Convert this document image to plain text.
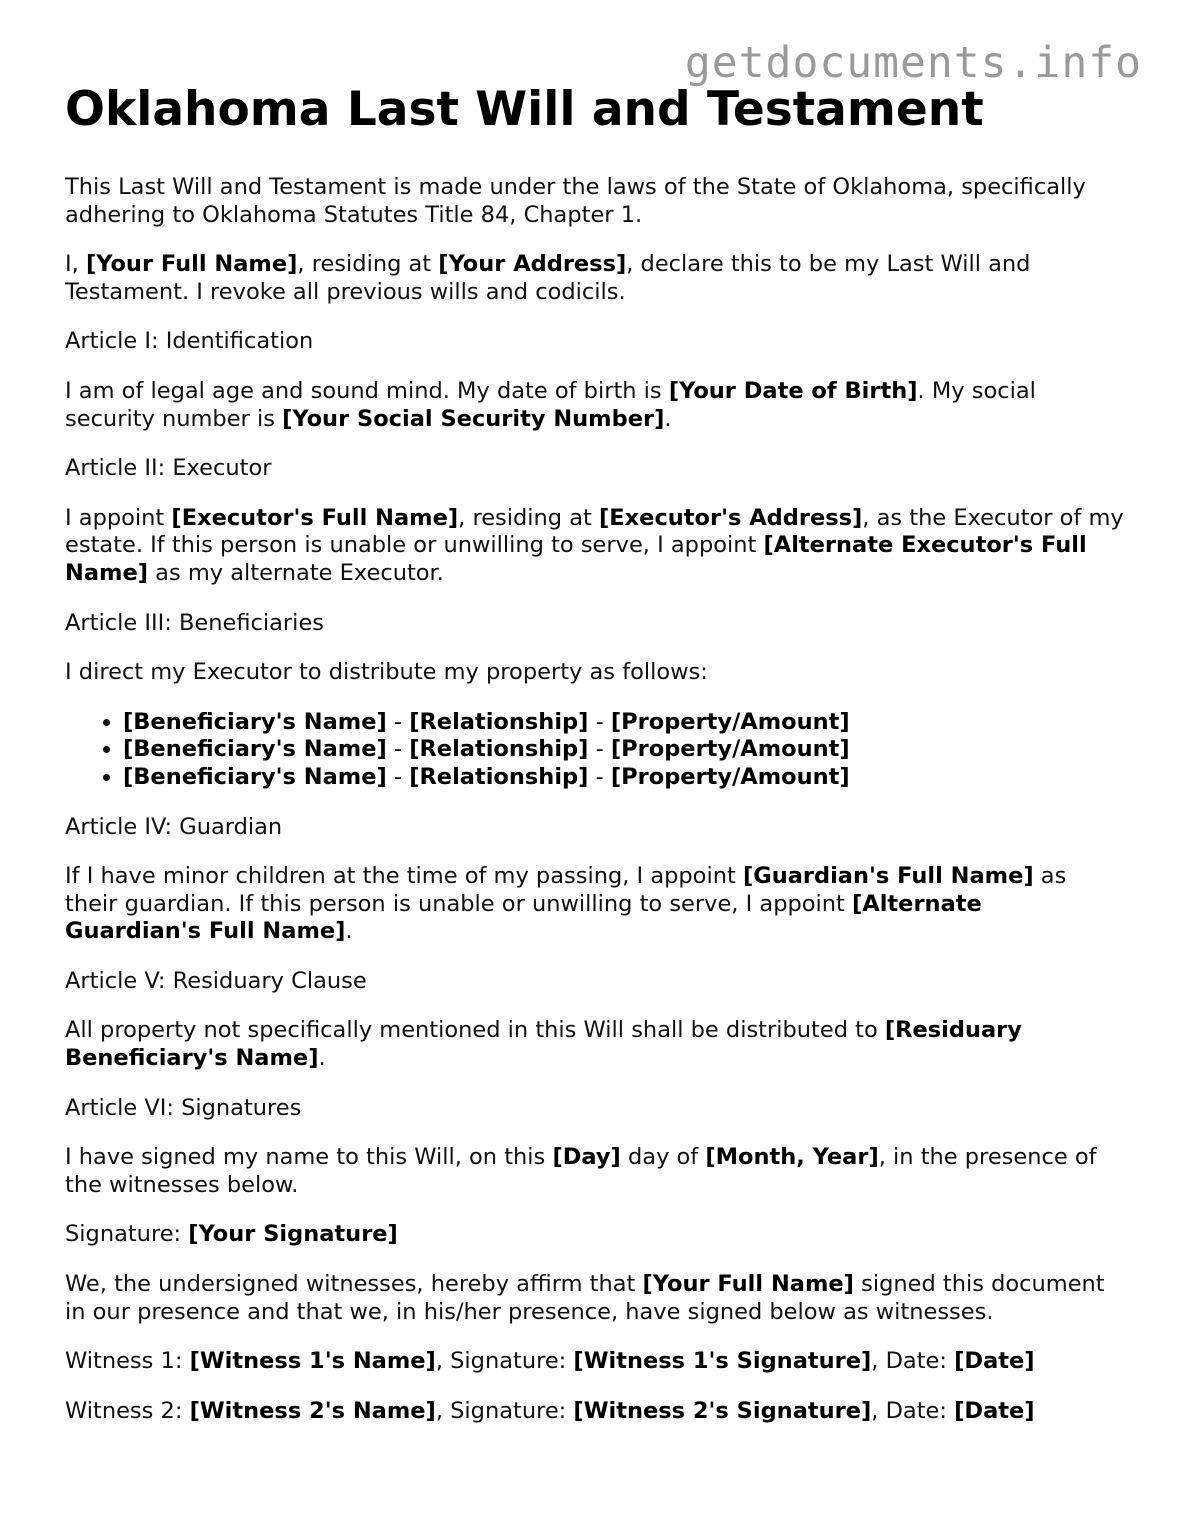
getdocuments.info
Oklahoma Last Will and Testament

This Last Will and Testament is made under the laws of the State of Oklahoma, specifically adhering to Oklahoma Statutes Title 84, Chapter 1.

I, [Your Full Name], residing at [Your Address], declare this to be my Last Will and Testament. I revoke all previous wills and codicils.

Article I: Identification

I am of legal age and sound mind. My date of birth is [Your Date of Birth]. My social security number is [Your Social Security Number].

Article II: Executor

I appoint [Executor's Full Name], residing at [Executor's Address], as the Executor of my estate. If this person is unable or unwilling to serve, I appoint [Alternate Executor's Full Name] as my alternate Executor.

Article III: Beneficiaries

I direct my Executor to distribute my property as follows:

• [Beneficiary's Name] - [Relationship] - [Property/Amount]
• [Beneficiary's Name] - [Relationship] - [Property/Amount]
• [Beneficiary's Name] - [Relationship] - [Property/Amount]

Article IV: Guardian

If I have minor children at the time of my passing, I appoint [Guardian's Full Name] as their guardian. If this person is unable or unwilling to serve, I appoint [Alternate Guardian's Full Name].

Article V: Residuary Clause

All property not specifically mentioned in this Will shall be distributed to [Residuary Beneficiary's Name].

Article VI: Signatures

I have signed my name to this Will, on this [Day] day of [Month, Year], in the presence of the witnesses below.

Signature: [Your Signature]

We, the undersigned witnesses, hereby affirm that [Your Full Name] signed this document in our presence and that we, in his/her presence, have signed below as witnesses.

Witness 1: [Witness 1's Name], Signature: [Witness 1's Signature], Date: [Date]

Witness 2: [Witness 2's Name], Signature: [Witness 2's Signature], Date: [Date]
